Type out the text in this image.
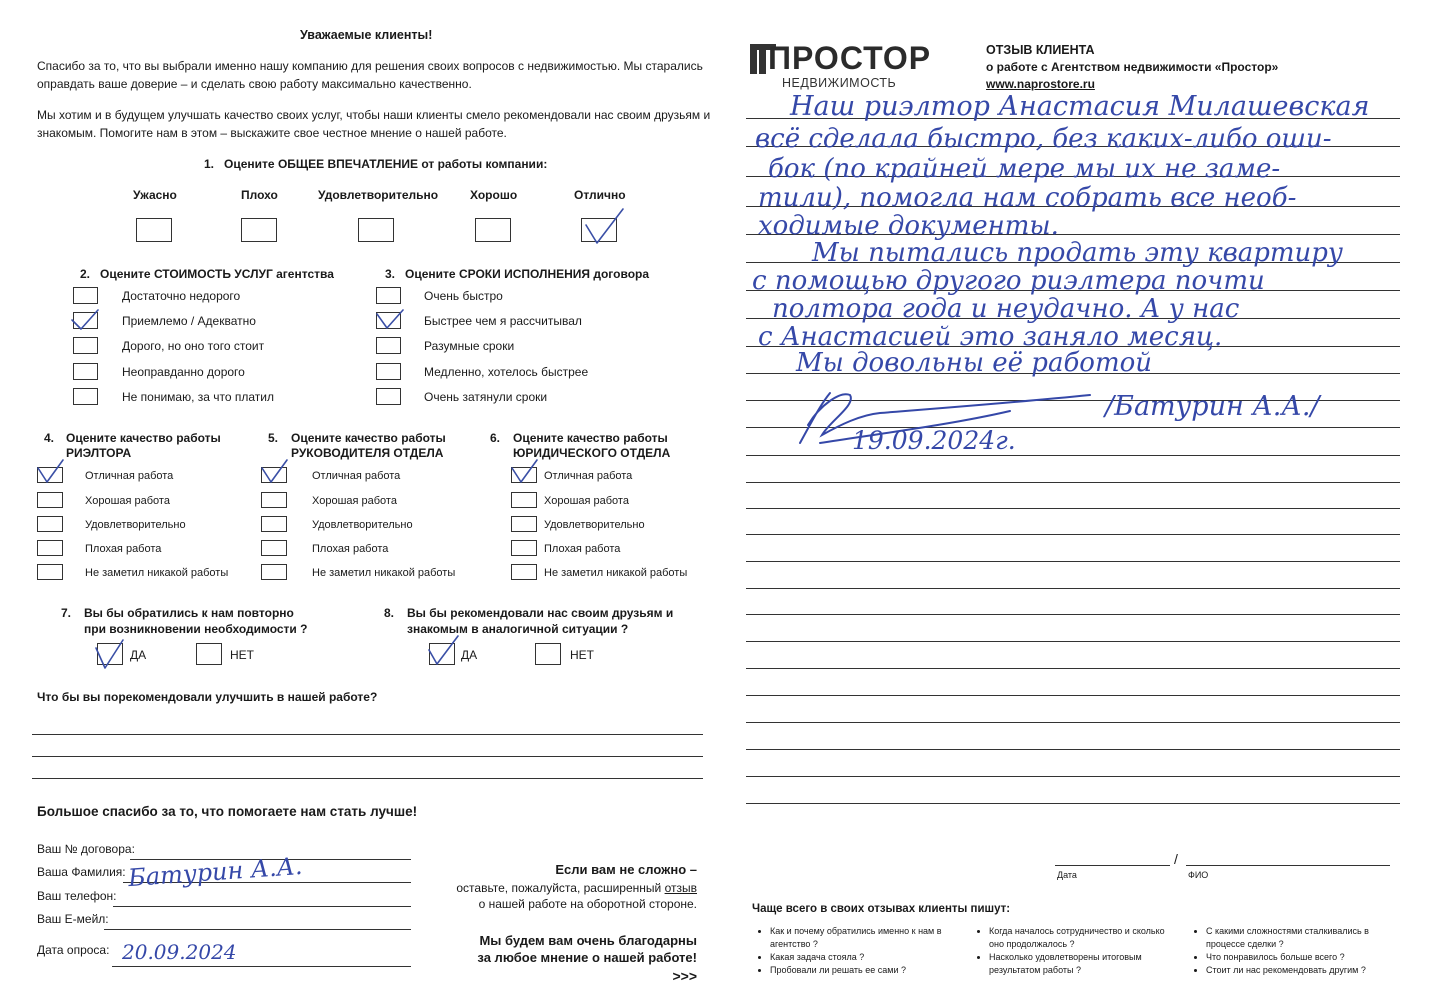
Уважаемые клиенты!
Спасибо за то, что вы выбрали именно нашу компанию для решения своих вопросов с недвижимостью. Мы старались
оправдать ваше доверие – и сделать свою работу максимально качественно.
Мы хотим и в будущем улучшать качество своих услуг, чтобы наши клиенты смело рекомендовали нас своим друзьям и
знакомым. Помогите нам в этом – выскажите свое честное мнение о нашей работе.
1. Оцените ОБЩЕЕ ВПЕЧАТЛЕНИЕ от работы компании:
Ужасно	Плохо	Удовлетворительно	Хорошо	Отлично
2. Оцените СТОИМОСТЬ УСЛУГ агентства
Достаточно недорого
Приемлемо / Адекватно
Дорого, но оно того стоит
Неоправданно дорого
Не понимаю, за что платил
3. Оцените СРОКИ ИСПОЛНЕНИЯ договора
Очень быстро
Быстрее чем я рассчитывал
Разумные сроки
Медленно, хотелось быстрее
Очень затянули сроки
4. Оцените качество работы
РИЭЛТОРА
Отличная работа
Хорошая работа
Удовлетворительно
Плохая работа
Не заметил никакой работы
5. Оцените качество работы
РУКОВОДИТЕЛЯ ОТДЕЛА
Отличная работа
Хорошая работа
Удовлетворительно
Плохая работа
Не заметил никакой работы
6. Оцените качество работы
ЮРИДИЧЕСКОГО ОТДЕЛА
Отличная работа
Хорошая работа
Удовлетворительно
Плохая работа
Не заметил никакой работы
7. Вы бы обратились к нам повторно
при возникновении необходимости ?
ДА	НЕТ
8. Вы бы рекомендовали нас своим друзьям и
знакомым в аналогичной ситуации ?
ДА	НЕТ
Что бы вы порекомендовали улучшить в нашей работе?
Большое спасибо за то, что помогаете нам стать лучше!
Ваш № договора:
Ваша Фамилия: Батурин А.А.
Ваш телефон:
Ваш E-мейл:
Дата опроса: 20.09.2024
Если вам не сложно –
оставьте, пожалуйста, расширенный отзыв
о нашей работе на оборотной стороне.
Мы будем вам очень благодарны
за любое мнение о нашей работе!
>>>
ПРОСТОР
НЕДВИЖИМОСТЬ
ОТЗЫВ КЛИЕНТА
о работе с Агентством недвижимости «Простор»
www.naprostore.ru
Наш риэлтор Анастасия Милашевская
всё сделала быстро, без каких-либо оши-
бок (по крайней мере мы их не заме-
тили), помогла нам собрать все необ-
ходимые документы.
Мы пытались продать эту квартиру
с помощью другого риэлтера почти
полтора года и неудачно. А у нас
с Анастасией это заняло месяц.
Мы довольны её работой
/Батурин А.А./
19.09.2024г.
/
Дата	ФИО
Чаще всего в своих отзывах клиенты пишут:
• Как и почему обратились именно к нам в агентство ?
• Какая задача стояла ?
• Пробовали ли решать ее сами ?
• Когда началось сотрудничество и сколько оно продолжалось ?
• Насколько удовлетворены итоговым результатом работы ?
• С какими сложностями сталкивались в процессе сделки ?
• Что понравилось больше всего ?
• Стоит ли нас рекомендовать другим ?
